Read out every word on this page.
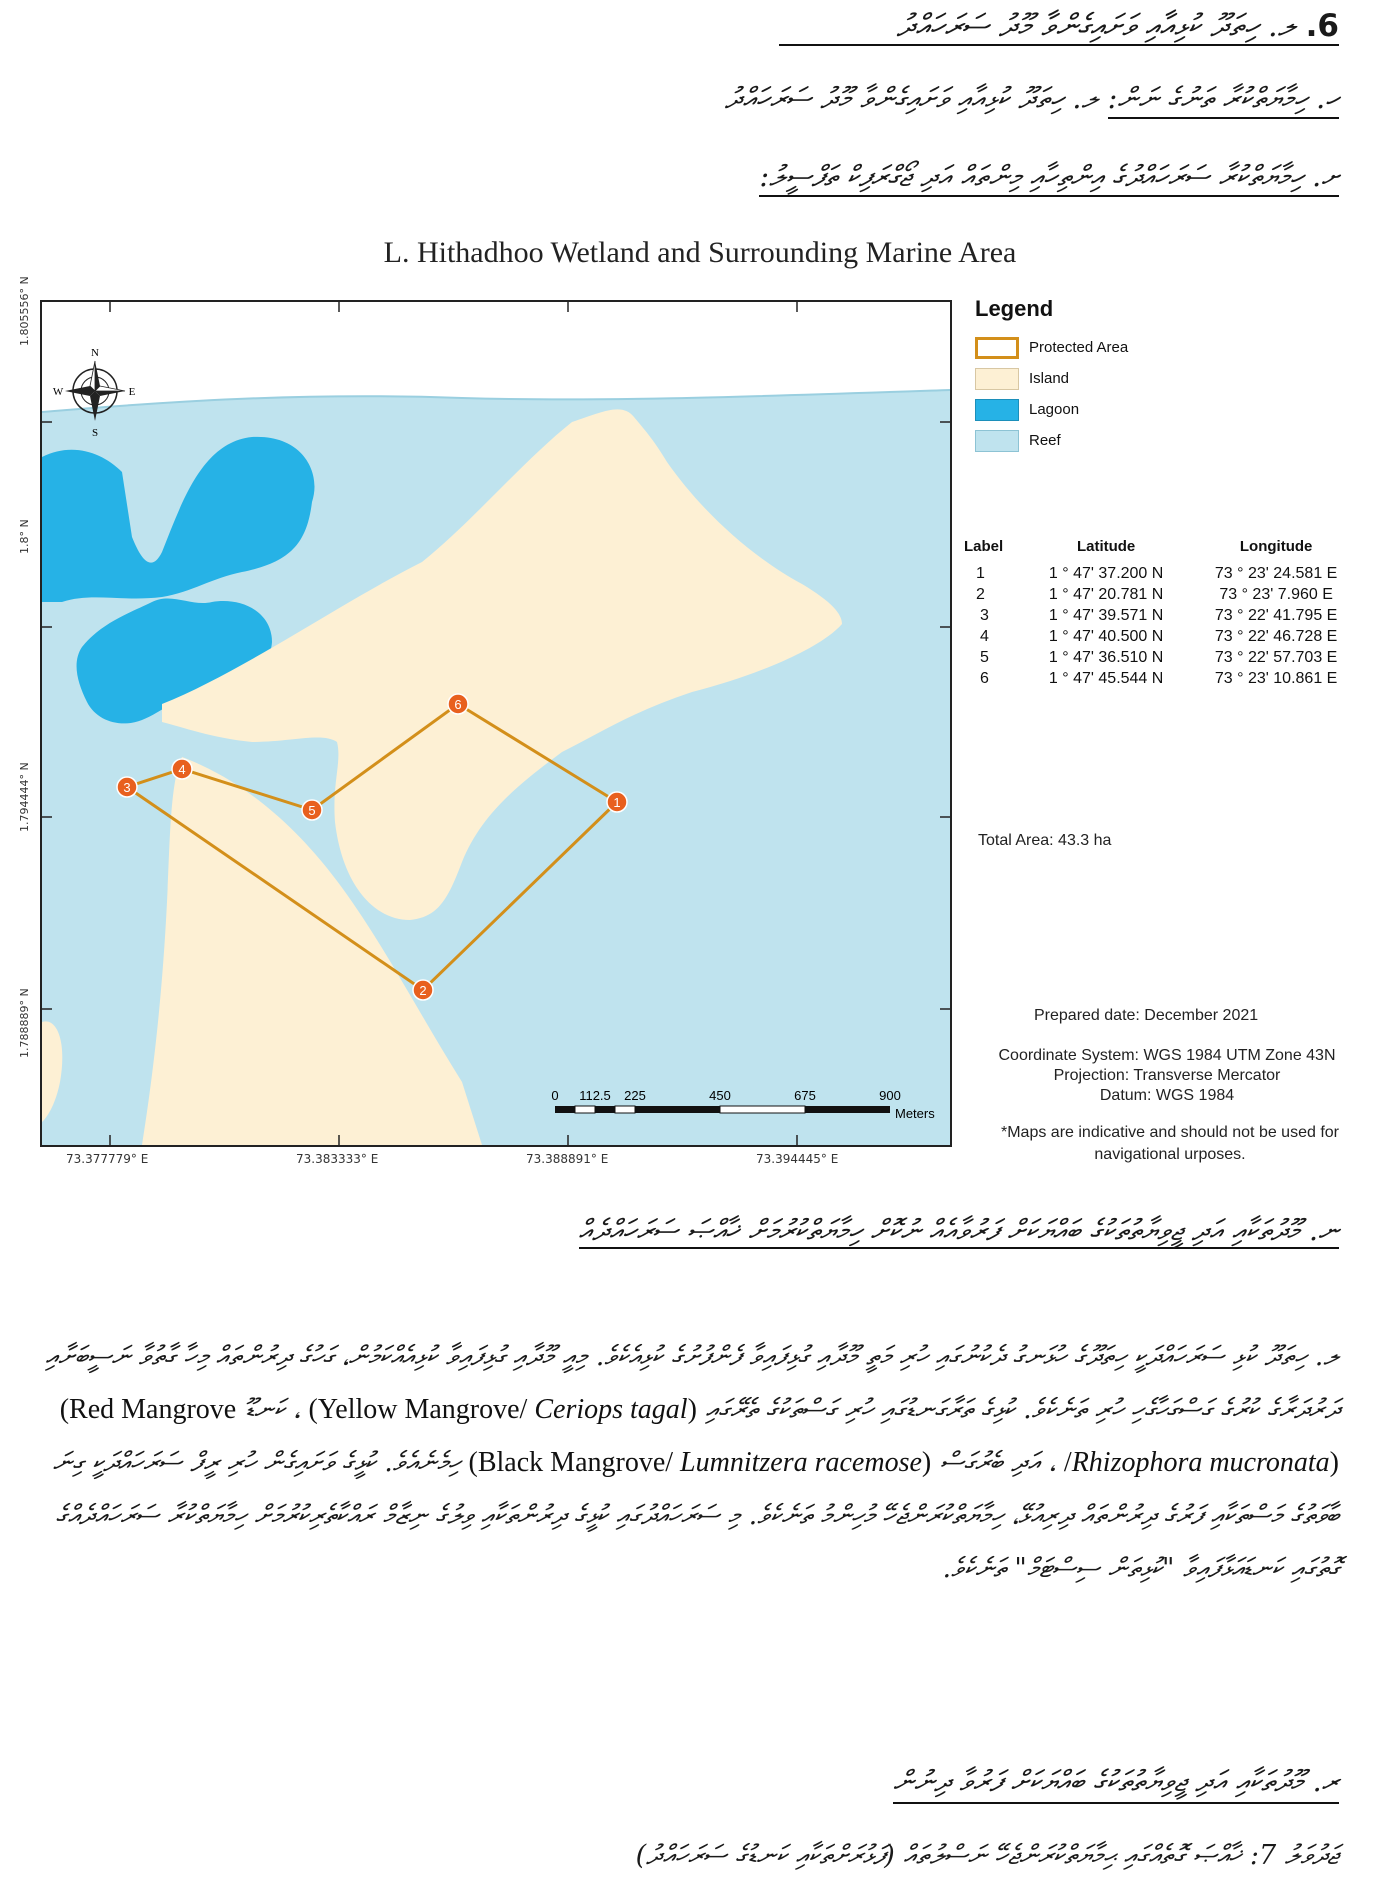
6. ލ. ހިތަދޫ ކުޅިއާއި ވަށައިގެންވާ މޫދު ސަރަހައްދު
ހ. ހިމާޔަތްކުރާ ތަނުގެ ނަން: ލ. ހިތަދޫ ކުޅިއާއި ވަށައިގެންވާ މޫދު ސަރަހައްދު
ށ. ހިމާޔަތްކުރާ ސަރަހައްދުގެ އިންތިހާއި މިންތައް އަދި ޖޯގްރަފިކް ތަފްސީލު:
L. Hithadhoo Wetland and Surrounding Marine Area
1.805556° N
1.8° N
1.794444° N
1.788889° N
73.377779° E	73.383333° E	73.388891° E	73.394445° E
1
2
3
4
5
6
N
S
E
W
0 112.5 225	450	675	900
Meters
Legend
Protected Area
Island
Lagoon
Reef
Label	Latitude	Longitude
1	1 ° 47' 37.200 N	73 ° 23' 24.581 E
2	1 ° 47' 20.781 N	73 ° 23' 7.960 E
3	1 ° 47' 39.571 N	73 ° 22' 41.795 E
4	1 ° 47' 40.500 N	73 ° 22' 46.728 E
5	1 ° 47' 36.510 N	73 ° 22' 57.703 E
6	1 ° 47' 45.544 N	73 ° 23' 10.861 E
Total Area: 43.3 ha
Prepared date: December 2021
Coordinate System: WGS 1984 UTM Zone 43N
Projection: Transverse Mercator
Datum: WGS 1984
*Maps are indicative and should not be used for navigational urposes.
ނ. މޫދުތަކާއި އަދި ޖީވިޔާތުތަކުގެ ބައްޔަކަށް ފަރުވާއެއް ނުކޮށް ހިމާޔަތްކުރުމަށް ޚާއްޞަ ސަރަހައްދެއް
ލ. ހިތަދޫ ކުޅި ސަރަހައްދަކީ ހިތަދޫގެ ހުޅަނގު ދެކުނުގައި ހުރި މަތީ މޫދާއި ގުޅިފައިވާ ފެންފުށުގެ ކުޅިއެކެވެ. މިއީ މޫދާއި ގުޅިފައިވާ ކުޅިއެއްކަމުން، ގަހުގެ ދިރުންތައް މިހާ ގާތުވާ ނަސީބަށާއި ދަރުދަރާގެ ކުރުގެ ގަސްގަހާގެހި ހުރި ތަނެކެވެ. ކުޅިގެ ތަރާގަނޑުގައި ހުރި ގަސްތަކުގެ ތެރޭގައި (Yellow Mangrove/ Ceriops tagal) ، ކަނޑޫ (Red Mangrove /Rhizophora mucronata) ، އަދި ބެރުގަސް (Black Mangrove/ Lumnitzera racemose) ހިމެނެއެވެ. ކުޅީގެ ވަށައިގެން ހުރި ރީފް ސަރަހައްދަކީ ގިނަ ބާވަތުގެ މަސްތަކާއި ފަރުގެ ދިރުންތައް ދިރިއުޅޭ، ހިމާޔަތްކުރަންޖެހޭ މުހިންމު ތަނެކެވެ. މި ސަރަހައްދުގައި ކުޅީގެ ދިރުންތަކާއި ވިލުގެ ނިޒާމް ރައްކާތެރިކުރުމަށް ހިމާޔަތްކުރާ ސަރަހައްދެއްގެ ގޮތުގައި ކަނޑައަޅާފައިވާ "ކުޅިތަން ސިސްޓަމް" ތަނެކެވެ.
ރ. މޫދުތަކާއި އަދި ޖީވިޔާތުތަކުގެ ބައްޔަކަށް ފަރުވާ ދިނުން
ޖަދުވަލު 7: ޚާއްޞަ ގޮތެއްގައި ޙިމާޔަތްކުރަންޖެހޭ ނަސްލުތައް (ފަޅުރަށްތަކާއި ކަނޑުގެ ސަރަހައްދު)
